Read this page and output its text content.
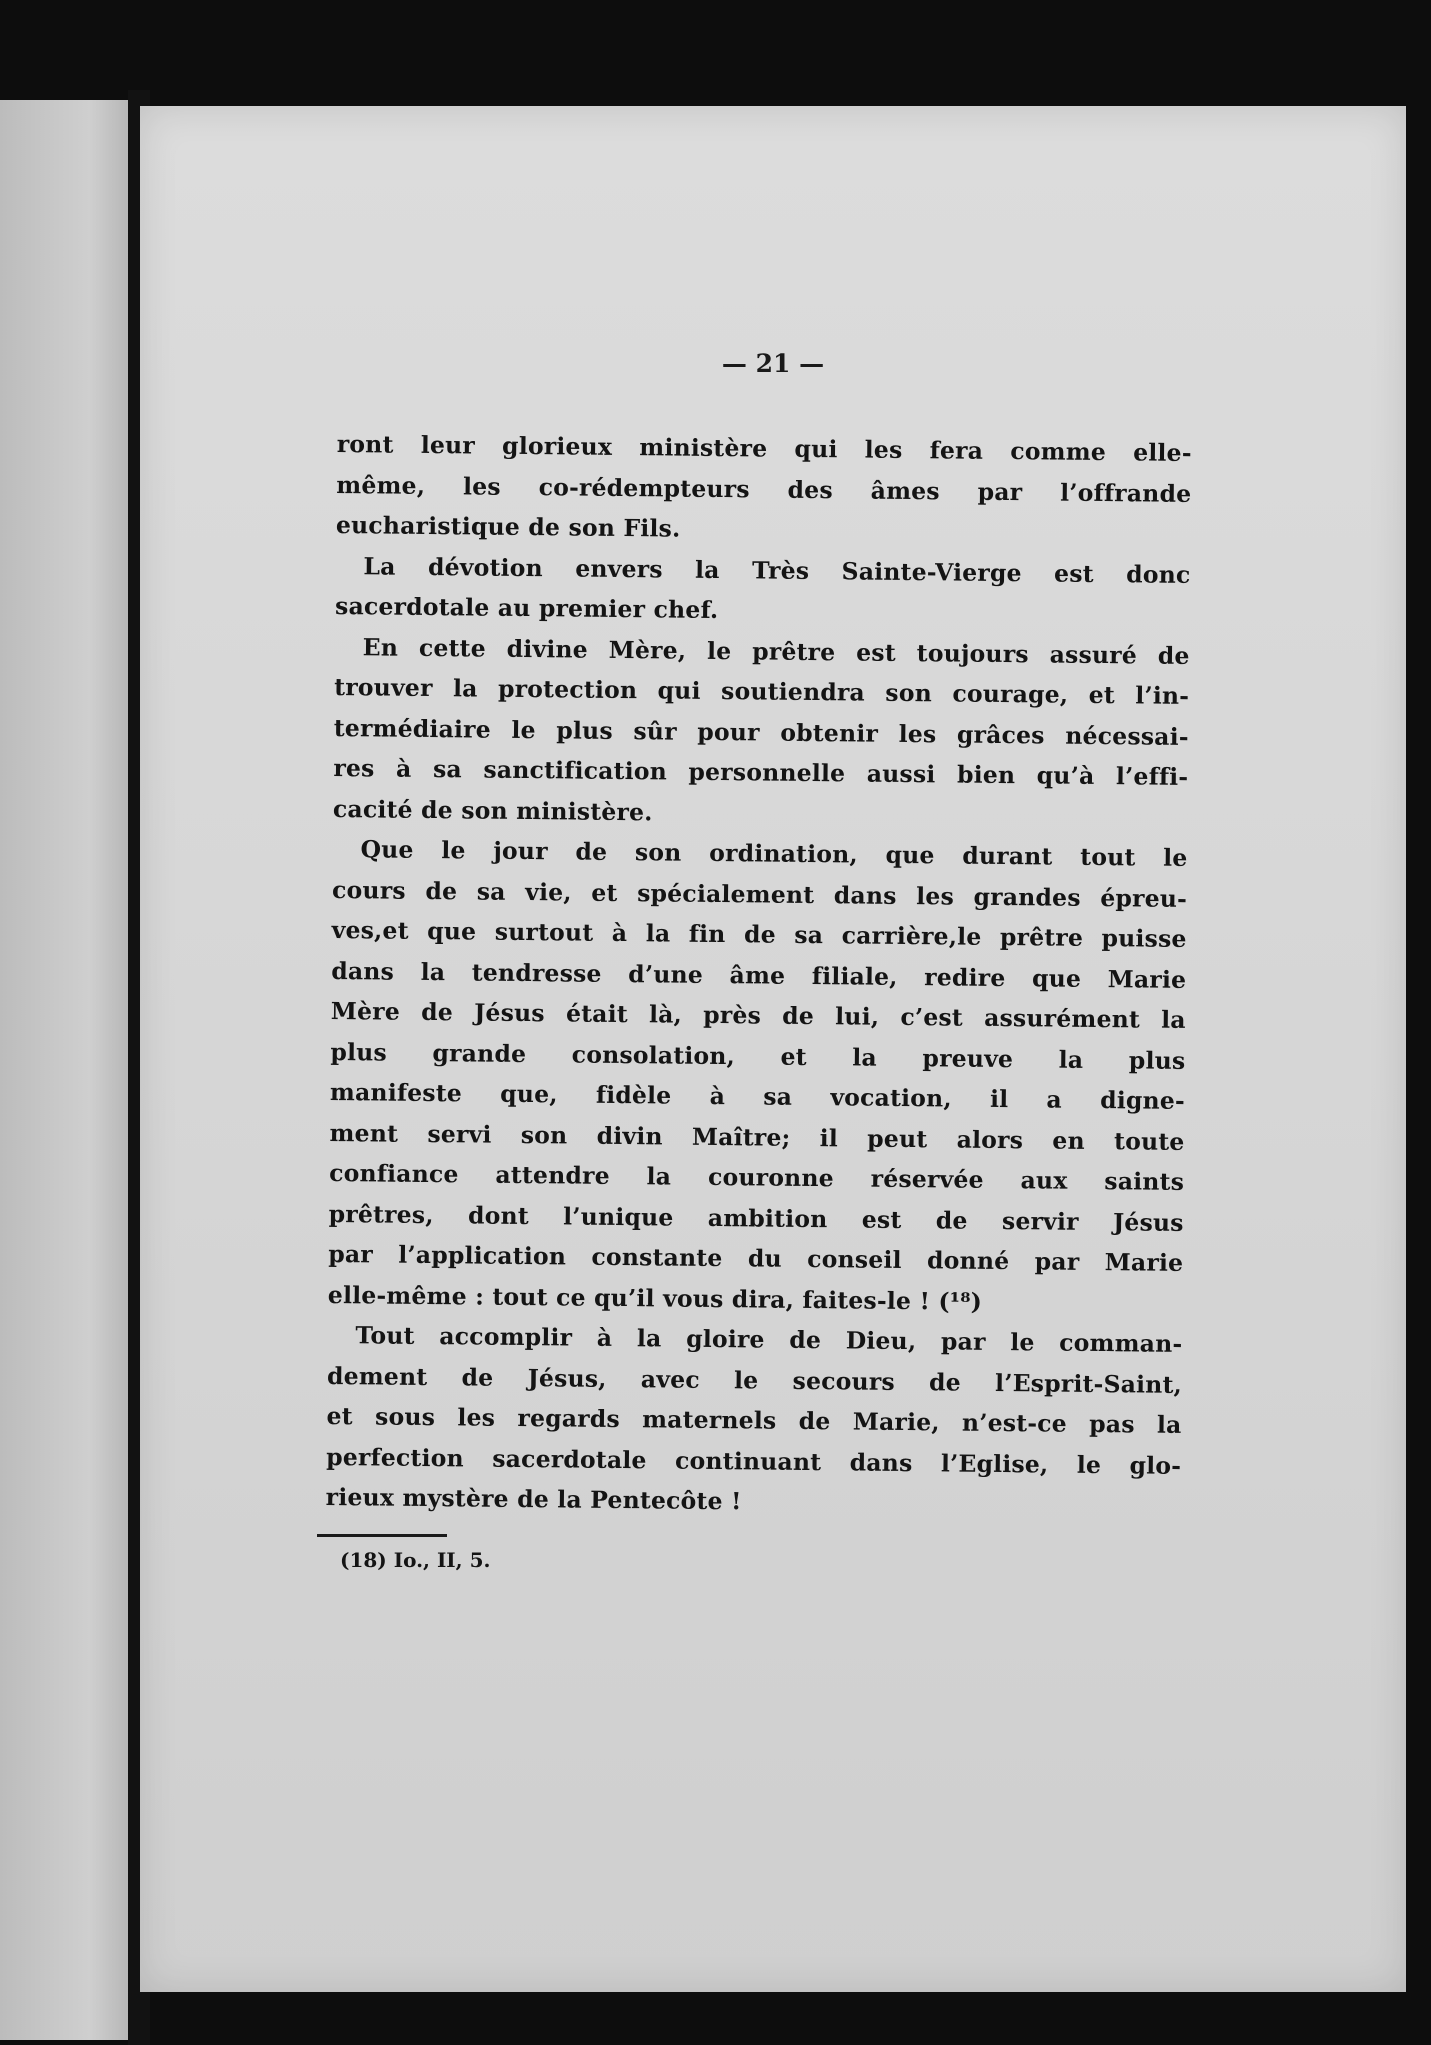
— 21 —
ront leur glorieux ministère qui les fera comme elle-
même, les co-rédempteurs des âmes par l’offrande
eucharistique de son Fils.
La dévotion envers la Très Sainte-Vierge est donc
sacerdotale au premier chef.
En cette divine Mère, le prêtre est toujours assuré de
trouver la protection qui soutiendra son courage, et l’in-
termédiaire le plus sûr pour obtenir les grâces nécessai-
res à sa sanctification personnelle aussi bien qu’à l’effi-
cacité de son ministère.
Que le jour de son ordination, que durant tout le
cours de sa vie, et spécialement dans les grandes épreu-
ves,et que surtout à la fin de sa carrière,le prêtre puisse
dans la tendresse d’une âme filiale, redire que Marie
Mère de Jésus était là, près de lui, c’est assurément la
plus grande consolation, et la preuve la plus
manifeste que, fidèle à sa vocation, il a digne-
ment servi son divin Maître; il peut alors en toute
confiance attendre la couronne réservée aux saints
prêtres, dont l’unique ambition est de servir Jésus
par l’application constante du conseil donné par Marie
elle-même : tout ce qu’il vous dira, faites-le ! (¹⁸)
Tout accomplir à la gloire de Dieu, par le comman-
dement de Jésus, avec le secours de l’Esprit-Saint,
et sous les regards maternels de Marie, n’est-ce pas la
perfection sacerdotale continuant dans l’Eglise, le glo-
rieux mystère de la Pentecôte !
(18) Io., II, 5.
